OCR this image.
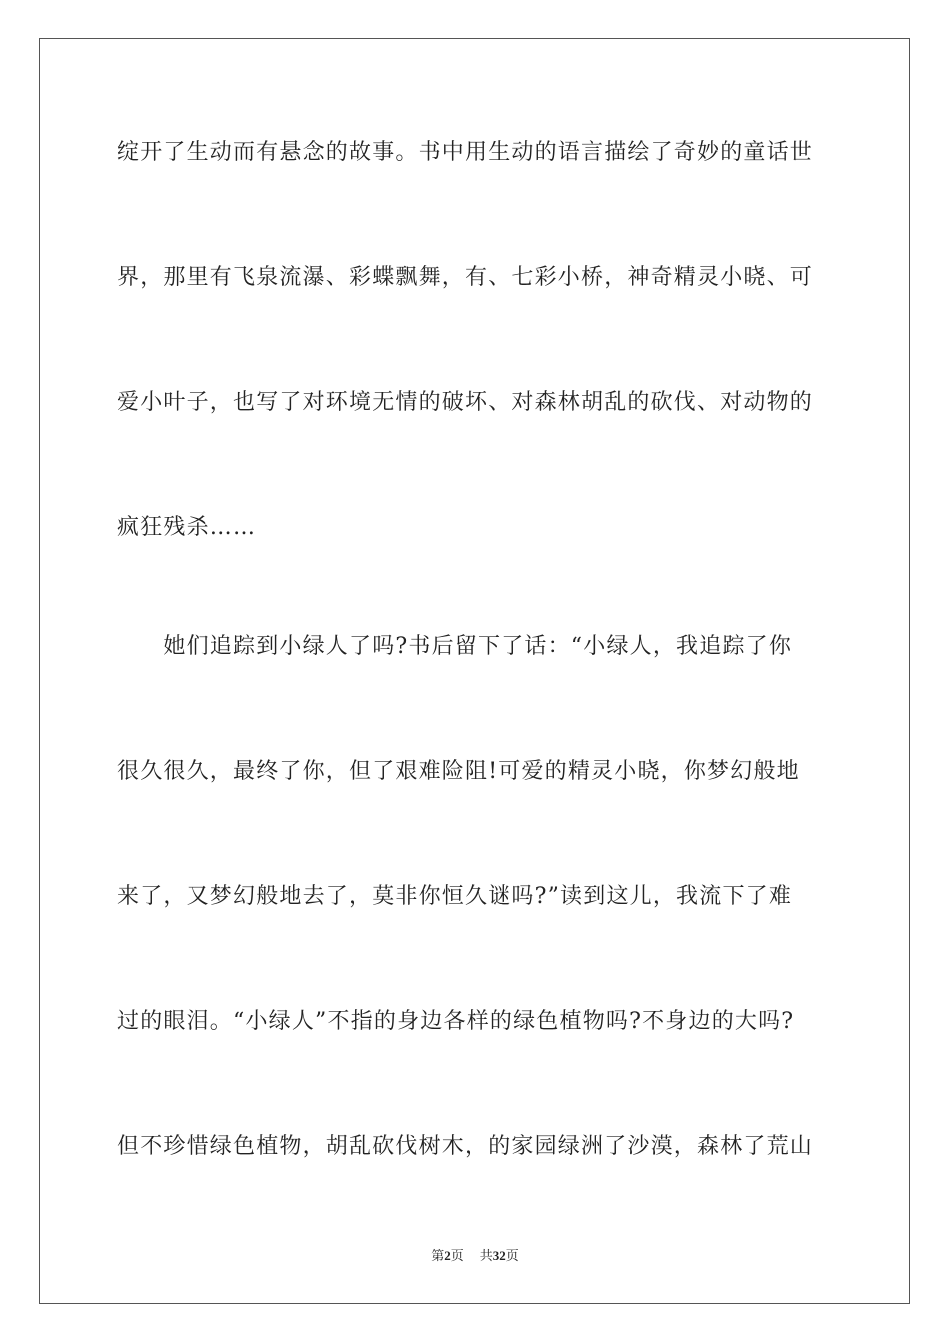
绽开了生动而有悬念的故事。书中用生动的语言描绘了奇妙的童话世
界，那里有飞泉流瀑、彩蝶飘舞，有、七彩小桥，神奇精灵小晓、可
爱小叶子，也写了对环境无情的破坏、对森林胡乱的砍伐、对动物的
疯狂残杀……
　　她们追踪到小绿人了吗?书后留下了话：“小绿人，我追踪了你
很久很久，最终了你，但了艰难险阻!可爱的精灵小晓，你梦幻般地
来了，又梦幻般地去了，莫非你恒久谜吗?”读到这儿，我流下了难
过的眼泪。“小绿人”不指的身边各样的绿色植物吗?不身边的大吗?
但不珍惜绿色植物，胡乱砍伐树木，的家园绿洲了沙漠，森林了荒山
第2页 共32页
